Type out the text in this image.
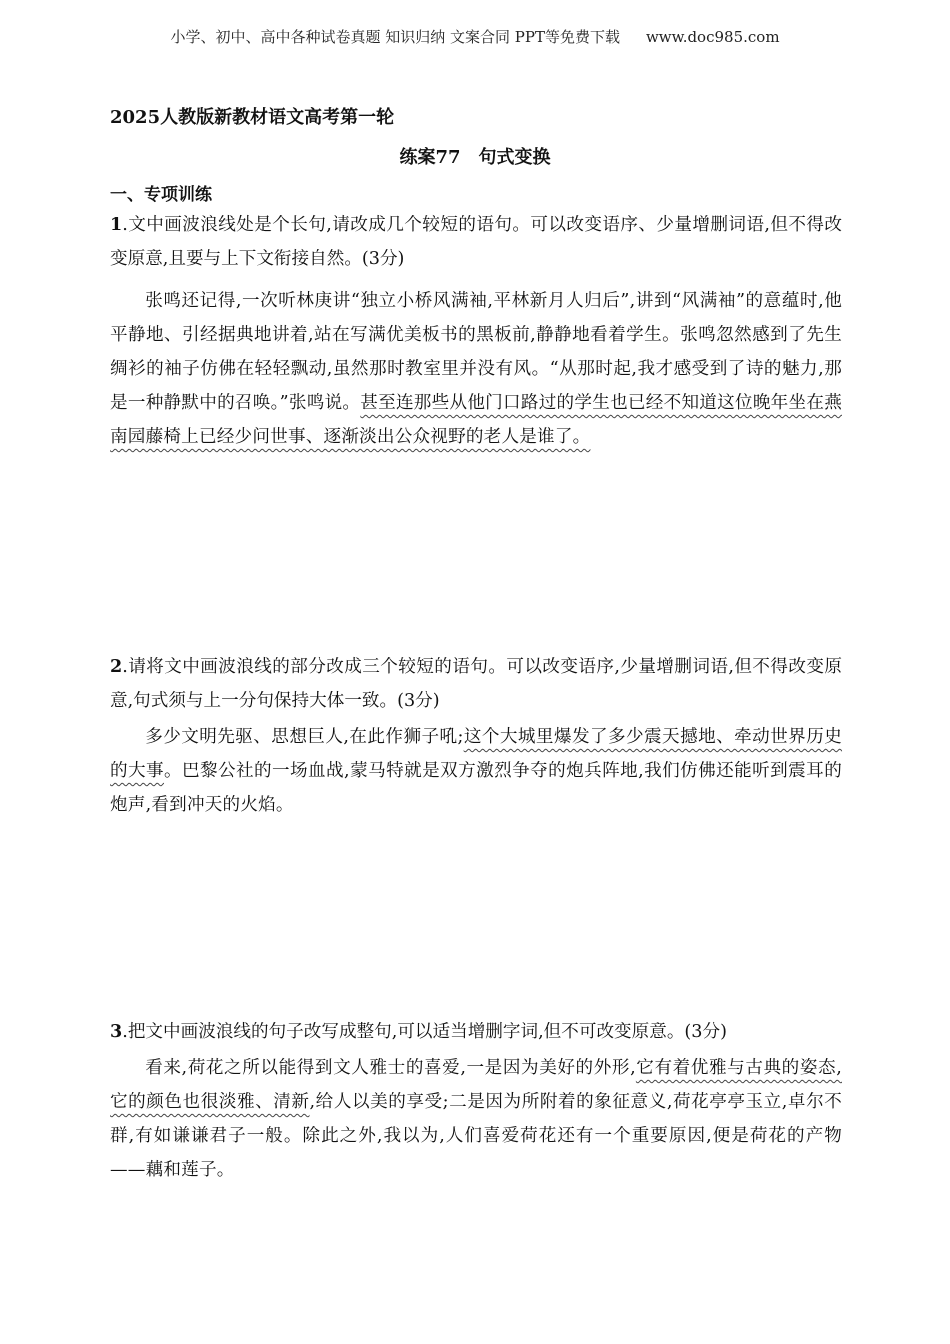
小学、初中、高中各种试卷真题 知识归纳 文案合同 PPT等免费下载 www.doc985.com
2025人教版新教材语文高考第一轮
练案77 句式变换
一、专项训练

1.文中画波浪线处是个长句,请改成几个较短的语句。可以改变语序、少量增删词语,但不得改变原意,且要与上下文衔接自然。(3分)

张鸣还记得,一次听林庚讲“独立小桥风满袖,平林新月人归后”,讲到“风满袖”的意蕴时,他平静地、引经据典地讲着,站在写满优美板书的黑板前,静静地看着学生。张鸣忽然感到了先生绸衫的袖子仿佛在轻轻飘动,虽然那时教室里并没有风。“从那时起,我才感受到了诗的魅力,那是一种静默中的召唤。”张鸣说。甚至连那些从他门口路过的学生也已经不知道这位晚年坐在燕南园藤椅上已经少问世事、逐渐淡出公众视野的老人是谁了。

2.请将文中画波浪线的部分改成三个较短的语句。可以改变语序,少量增删词语,但不得改变原意,句式须与上一分句保持大体一致。(3分)

多少文明先驱、思想巨人,在此作狮子吼;这个大城里爆发了多少震天撼地、牵动世界历史的大事。巴黎公社的一场血战,蒙马特就是双方激烈争夺的炮兵阵地,我们仿佛还能听到震耳的炮声,看到冲天的火焰。

3.把文中画波浪线的句子改写成整句,可以适当增删字词,但不可改变原意。(3分)

看来,荷花之所以能得到文人雅士的喜爱,一是因为美好的外形,它有着优雅与古典的姿态,它的颜色也很淡雅、清新,给人以美的享受;二是因为所附着的象征意义,荷花亭亭玉立,卓尔不群,有如谦谦君子一般。除此之外,我以为,人们喜爱荷花还有一个重要原因,便是荷花的产物——藕和莲子。
